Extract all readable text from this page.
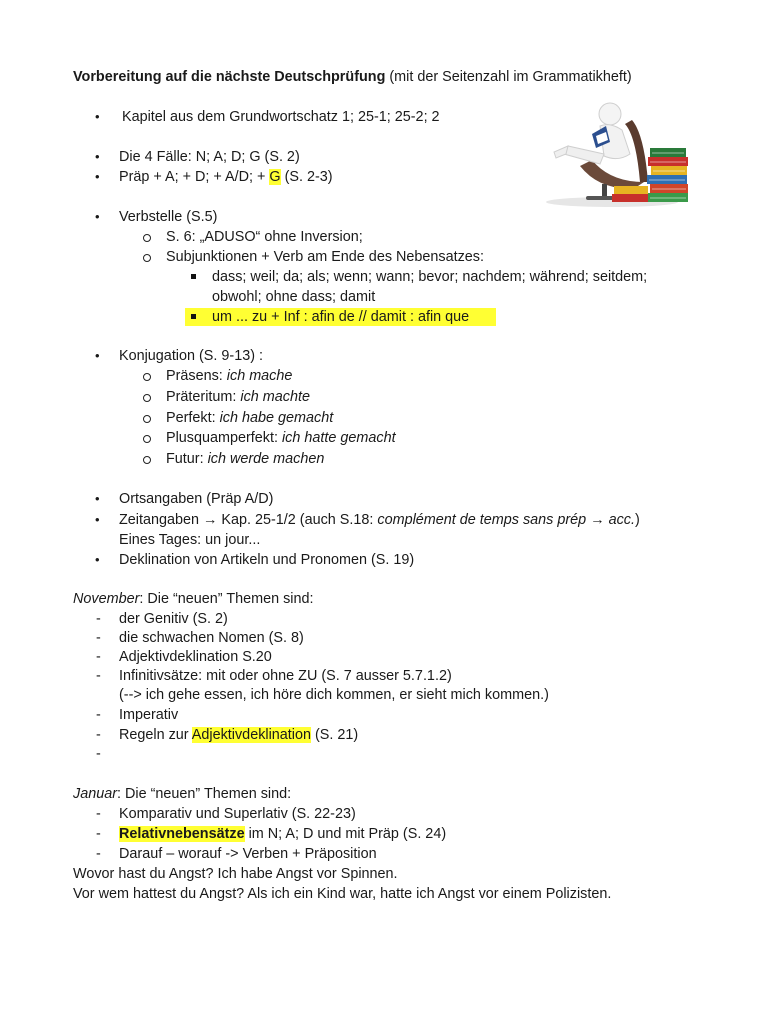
Vorbereitung auf die nächste Deutschprüfung (mit der Seitenzahl im Grammatikheft)
• Kapitel aus dem Grundwortschatz 1; 25-1; 25-2; 2
• Die 4 Fälle: N; A; D; G (S. 2)
• Präp + A; + D; + A/D; + G (S. 2-3)
• Verbstelle (S.5)
S. 6: „ADUSO“ ohne Inversion;
Subjunktionen + Verb am Ende des Nebensatzes:
dass; weil; da; als; wenn; wann; bevor; nachdem; während; seitdem;
obwohl; ohne dass; damit
um ... zu + Inf : afin de // damit : afin que
• Konjugation (S. 9-13) :
Präsens: ich mache
Präteritum: ich machte
Perfekt: ich habe gemacht
Plusquamperfekt: ich hatte gemacht
Futur: ich werde machen
• Ortsangaben (Präp A/D)
• Zeitangaben → Kap. 25-1/2 (auch S.18: complément de temps sans prép → acc.)
Eines Tages: un jour...
• Deklination von Artikeln und Pronomen (S. 19)
November: Die “neuen” Themen sind:
- der Genitiv (S. 2)
- die schwachen Nomen (S. 8)
- Adjektivdeklination S.20
- Infinitivsätze: mit oder ohne ZU (S. 7 ausser 5.7.1.2)
(--> ich gehe essen, ich höre dich kommen, er sieht mich kommen.)
- Imperativ
- Regeln zur Adjektivdeklination (S. 21)
-
Januar: Die “neuen” Themen sind:
- Komparativ und Superlativ (S. 22-23)
- Relativnebensätze im N; A; D und mit Präp (S. 24)
- Darauf – worauf -> Verben + Präposition
Wovor hast du Angst? Ich habe Angst vor Spinnen.
Vor wem hattest du Angst? Als ich ein Kind war, hatte ich Angst vor einem Polizisten.
